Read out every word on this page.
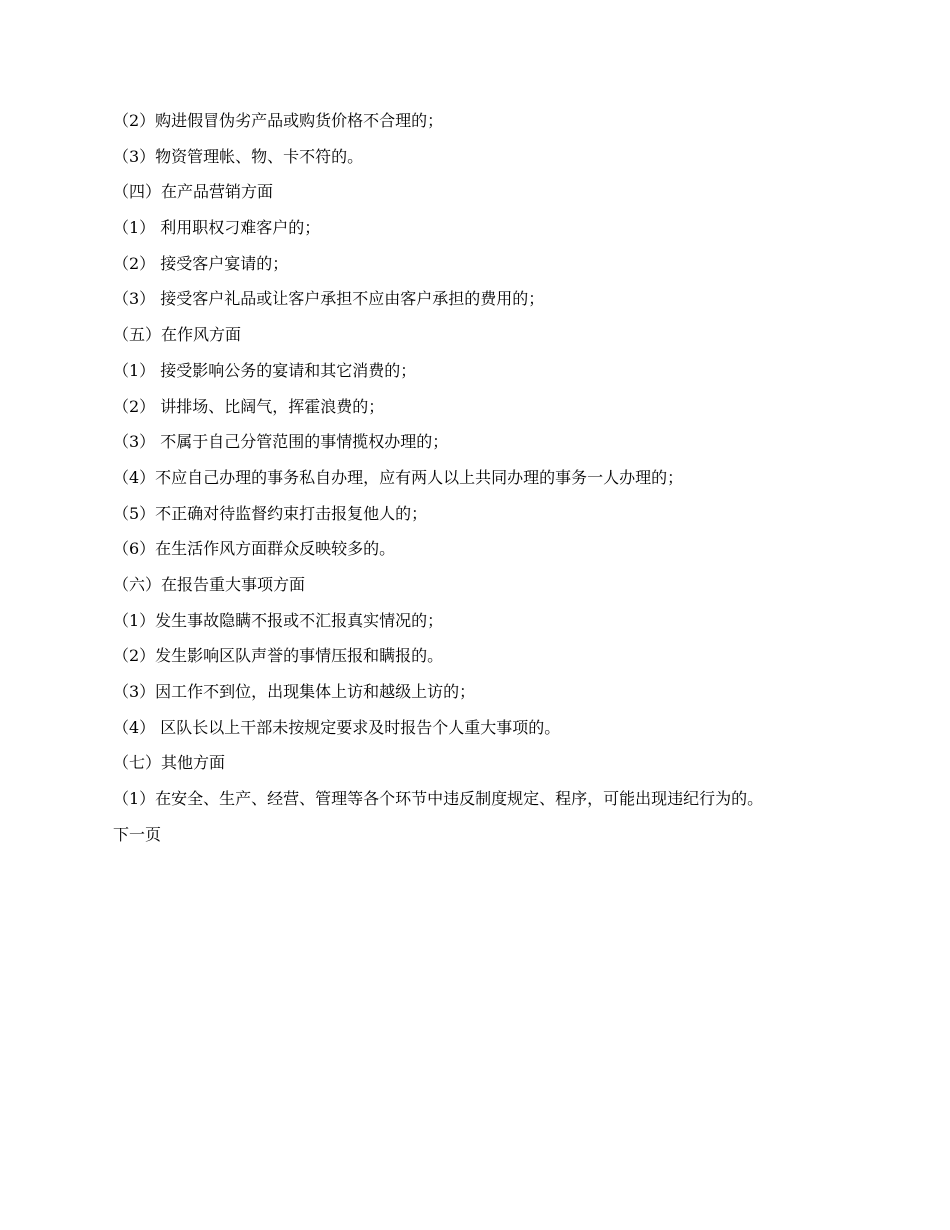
（2）购进假冒伪劣产品或购货价格不合理的；
（3）物资管理帐、物、卡不符的。
（四）在产品营销方面
（1） 利用职权刁难客户的；
（2） 接受客户宴请的；
（3） 接受客户礼品或让客户承担不应由客户承担的费用的；
（五）在作风方面
（1） 接受影响公务的宴请和其它消费的；
（2） 讲排场、比阔气，挥霍浪费的；
（3） 不属于自己分管范围的事情揽权办理的；
（4）不应自己办理的事务私自办理，应有两人以上共同办理的事务一人办理的；
（5）不正确对待监督约束打击报复他人的；
（6）在生活作风方面群众反映较多的。
（六）在报告重大事项方面
（1）发生事故隐瞒不报或不汇报真实情况的；
（2）发生影响区队声誉的事情压报和瞒报的。
（3）因工作不到位，出现集体上访和越级上访的；
（4） 区队长以上干部未按规定要求及时报告个人重大事项的。
（七）其他方面
（1）在安全、生产、经营、管理等各个环节中违反制度规定、程序，可能出现违纪行为的。
下一页
